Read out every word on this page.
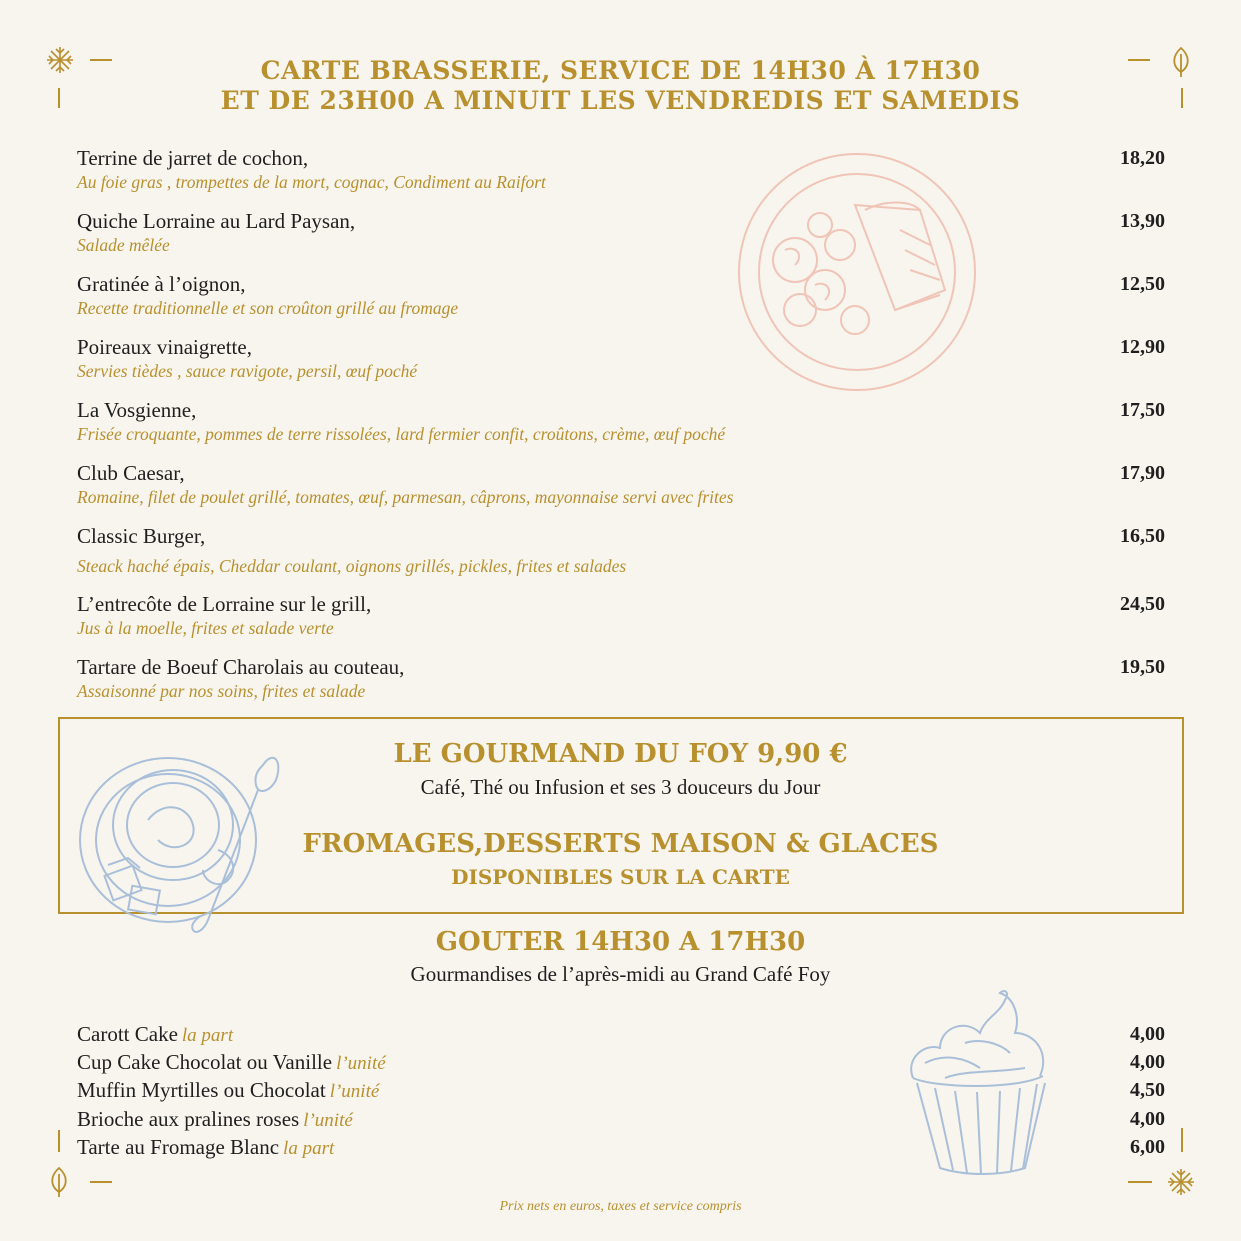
CARTE BRASSERIE, SERVICE DE 14H30 À 17H30
ET DE 23H00 A MINUIT LES VENDREDIS ET SAMEDIS
Terrine de jarret de cochon,
Au foie gras , trompettes de la mort, cognac, Condiment au Raifort
18,20
Quiche Lorraine au Lard Paysan,
Salade mêlée
13,90
Gratinée à l’oignon,
Recette traditionnelle et son croûton grillé au fromage
12,50
Poireaux vinaigrette,
Servies tièdes , sauce ravigote, persil, œuf poché
12,90
La Vosgienne,
Frisée croquante, pommes de terre rissolées, lard fermier confit, croûtons, crème, œuf poché
17,50
Club Caesar,
Romaine, filet de poulet grillé, tomates, œuf, parmesan, câprons, mayonnaise servi avec frites
17,90
Classic Burger,
Steack haché épais, Cheddar coulant, oignons grillés, pickles, frites et salades
16,50
L’entrecôte de Lorraine sur le grill,
Jus à la moelle, frites et salade verte
24,50
Tartare de Boeuf Charolais au couteau,
Assaisonné par nos soins, frites et salade
19,50
LE GOURMAND DU FOY 9,90 €
Café, Thé ou Infusion et ses 3 douceurs du Jour
FROMAGES,DESSERTS MAISON & GLACES
DISPONIBLES SUR LA CARTE
GOUTER 14H30 A 17H30
Gourmandises de l’après-midi au Grand Café Foy
Carott Cake la part	4,00
Cup Cake Chocolat ou Vanille l’unité	4,00
Muffin Myrtilles ou Chocolat l’unité	4,50
Brioche aux pralines roses l’unité	4,00
Tarte au Fromage Blanc la part	6,00
Prix nets en euros, taxes et service compris
